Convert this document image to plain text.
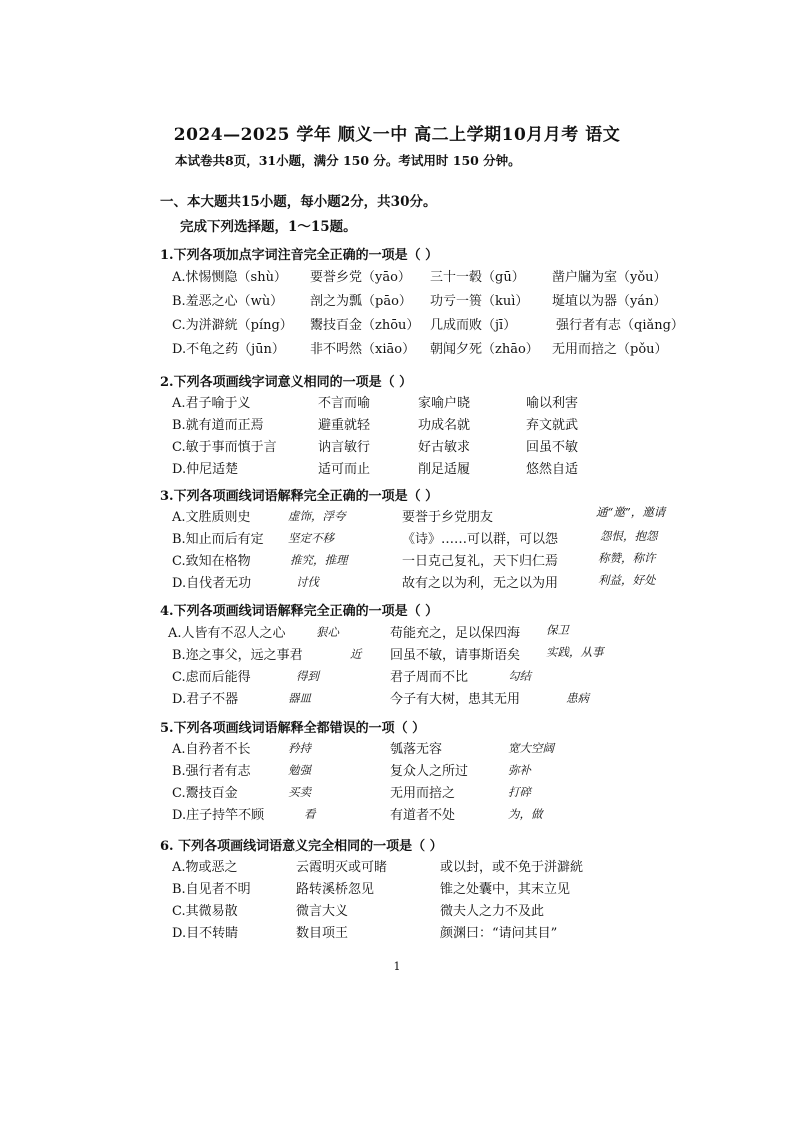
2024—2025 学年 顺义一中 高二上学期10月月考 语文
本试卷共8页，31小题，满分 150 分。考试用时 150 分钟。
一、本大题共15小题，每小题2分，共30分。
完成下列选择题，1～15题。
1.下列各项加点字词注音完全正确的一项是（ ）
A.怵惕恻隐（shù） 要誉乡党（yāo） 三十一毂（gū） 凿户牖为室（yǒu）
B.羞恶之心（wù） 剖之为瓢（pāo） 功亏一篑（kuì） 埏埴以为器（yán）
C.为洴澼絖（píng） 鬻技百金（zhōu） 几成而败（jī）	强行者有志（qiǎng）
D.不龟之药（jūn） 非不呺然（xiāo） 朝闻夕死（zhāo） 无用而掊之（pǒu）
2.下列各项画线字词意义相同的一项是（ ）
A.君子喻于义	不言而喻	家喻户晓	喻以利害
B.就有道而正焉	避重就轻	功成名就	弃文就武
C.敏于事而慎于言	讷言敏行	好古敏求	回虽不敏
D.仲尼适楚	适可而止	削足适履	悠然自适
3.下列各项画线词语解释完全正确的一项是（ ）
A.文胜质则史	虚饰，浮夸	要誉于乡党朋友	通“邀”，邀请
B.知止而后有定 坚定不移	《诗》……可以群，可以怨	怨恨，抱怨
C.致知在格物	推究，推理	一日克己复礼，天下归仁焉	称赞，称许
D.自伐者无功	讨伐	故有之以为利，无之以为用	利益，好处
4.下列各项画线词语解释完全正确的一项是（ ）
A.人皆有不忍人之心	狠心	苟能充之，足以保四海 保卫
B.迩之事父，远之事君	近 回虽不敏，请事斯语矣 实践，从事
C.虑而后能得	得到	君子周而不比	勾结
D.君子不器	器皿	今子有大树，患其无用	患病
5.下列各项画线词语解释全都错误的一项（ ）
A.自矜者不长	矜持	瓠落无容	宽大空阔
B.强行者有志	勉强	复众人之所过	弥补
C.鬻技百金	买卖	无用而掊之	打碎
D.庄子持竿不顾	看	有道者不处	为，做
6. 下列各项画线词语意义完全相同的一项是（ ）
A.物或恶之	云霞明灭或可睹	或以封，或不免于洴澼絖
B.自见者不明	路转溪桥忽见	锥之处囊中，其末立见
C.其微易散	微言大义	微夫人之力不及此
D.目不转睛	数目项王	颜渊曰：“请问其目”
1
